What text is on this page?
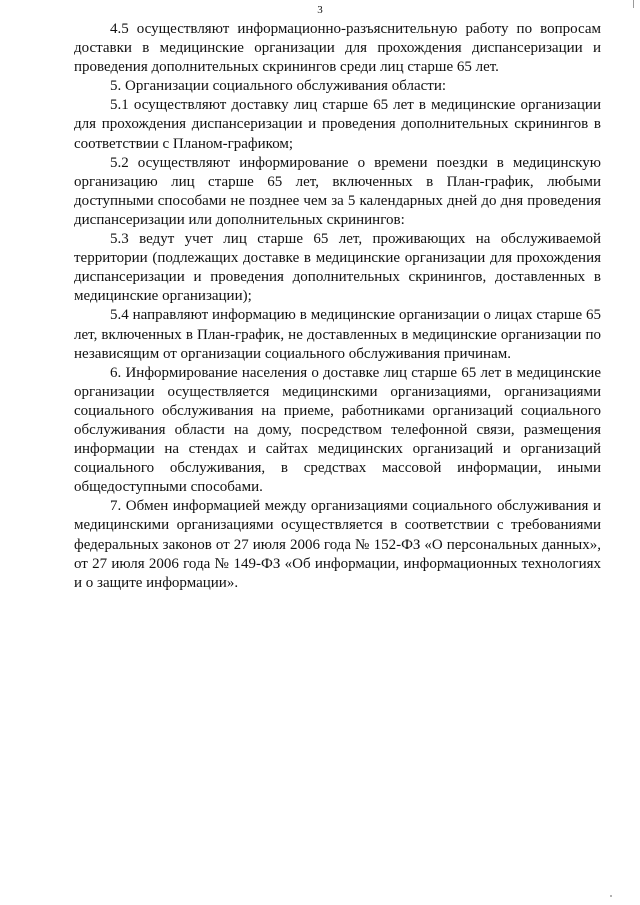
3

4.5 осуществляют информационно-разъяснительную работу по вопросам доставки в медицинские организации для прохождения диспансеризации и проведения дополнительных скринингов среди лиц старше 65 лет.

5. Организации социального обслуживания области:

5.1 осуществляют доставку лиц старше 65 лет в медицинские организации для прохождения диспансеризации и проведения дополнительных скринингов в соответствии с Планом-графиком;

5.2 осуществляют информирование о времени поездки в медицинскую организацию лиц старше 65 лет, включенных в План-график, любыми доступными способами не позднее чем за 5 календарных дней до дня проведения диспансеризации или дополнительных скринингов:

5.3 ведут учет лиц старше 65 лет, проживающих на обслуживаемой территории (подлежащих доставке в медицинские организации для прохождения диспансеризации и проведения дополнительных скринингов, доставленных в медицинские организации);

5.4 направляют информацию в медицинские организации о лицах старше 65 лет, включенных в План-график, не доставленных в медицинские организации по независящим от организации социального обслуживания причинам.

6. Информирование населения о доставке лиц старше 65 лет в медицинские организации осуществляется медицинскими организациями, организациями социального обслуживания на приеме, работниками организаций социального обслуживания области на дому, посредством телефонной связи, размещения информации на стендах и сайтах медицинских организаций и организаций социального обслуживания, в средствах массовой информации, иными общедоступными способами.

7. Обмен информацией между организациями социального обслуживания и медицинскими организациями осуществляется в соответствии с требованиями федеральных законов от 27 июля 2006 года № 152-ФЗ «О персональных данных», от 27 июля 2006 года № 149-ФЗ «Об информации, информационных технологиях и о защите информации».
